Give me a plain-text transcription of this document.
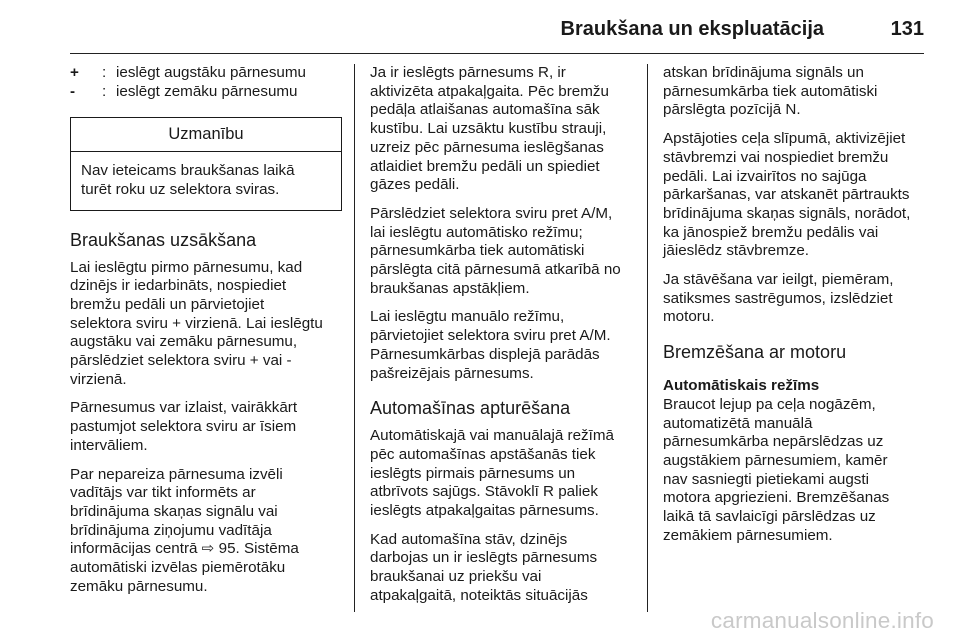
Braukšana un ekspluatācija	131
+	: ieslēgt augstāku pārnesumu
-	: ieslēgt zemāku pārnesumu
Uzmanību
Nav ieteicams braukšanas laikā
turēt roku uz selektora sviras.
Braukšanas uzsākšana
Lai ieslēgtu pirmo pārnesumu, kad
dzinējs ir iedarbināts, nospiediet
bremžu pedāli un pārvietojiet
selektora sviru + virzienā. Lai ieslēgtu
augstāku vai zemāku pārnesumu,
pārslēdziet selektora sviru + vai -
virzienā.
Pārnesumus var izlaist, vairākkārt
pastumjot selektora sviru ar īsiem
intervāliem.
Par nepareiza pārnesuma izvēli
vadītājs var tikt informēts ar
brīdinājuma skaņas signālu vai
brīdinājuma ziņojumu vadītāja
informācijas centrā ⇨ 95. Sistēma
automātiski izvēlas piemērotāku
zemāku pārnesumu.
Ja ir ieslēgts pārnesums R, ir
aktivizēta atpakaļgaita. Pēc bremžu
pedāļa atlaišanas automašīna sāk
kustību. Lai uzsāktu kustību strauji,
uzreiz pēc pārnesuma ieslēgšanas
atlaidiet bremžu pedāli un spiediet
gāzes pedāli.
Pārslēdziet selektora sviru pret A/M,
lai ieslēgtu automātisko režīmu;
pārnesumkārba tiek automātiski
pārslēgta citā pārnesumā atkarībā no
braukšanas apstākļiem.
Lai ieslēgtu manuālo režīmu,
pārvietojiet selektora sviru pret A/M.
Pārnesumkārbas displejā parādās
pašreizējais pārnesums.
Automašīnas apturēšana
Automātiskajā vai manuālajā režīmā
pēc automašīnas apstāšanās tiek
ieslēgts pirmais pārnesums un
atbrīvots sajūgs. Stāvoklī R paliek
ieslēgts atpakaļgaitas pārnesums.
Kad automašīna stāv, dzinējs
darbojas un ir ieslēgts pārnesums
braukšanai uz priekšu vai
atpakaļgaitā, noteiktās situācijās
atskan brīdinājuma signāls un
pārnesumkārba tiek automātiski
pārslēgta pozīcijā N.
Apstājoties ceļa slīpumā, aktivizējiet
stāvbremzi vai nospiediet bremžu
pedāli. Lai izvairītos no sajūga
pārkaršanas, var atskanēt pārtraukts
brīdinājuma skaņas signāls, norādot,
ka jānospiež bremžu pedālis vai
jāieslēdz stāvbremze.
Ja stāvēšana var ieilgt, piemēram,
satiksmes sastrēgumos, izslēdziet
motoru.
Bremzēšana ar motoru
Automātiskais režīms
Braucot lejup pa ceļa nogāzēm,
automatizētā manuālā
pārnesumkārba nepārslēdzas uz
augstākiem pārnesumiem, kamēr
nav sasniegti pietiekami augsti
motora apgriezieni. Bremzēšanas
laikā tā savlaicīgi pārslēdzas uz
zemākiem pārnesumiem.
carmanualsonline.info
